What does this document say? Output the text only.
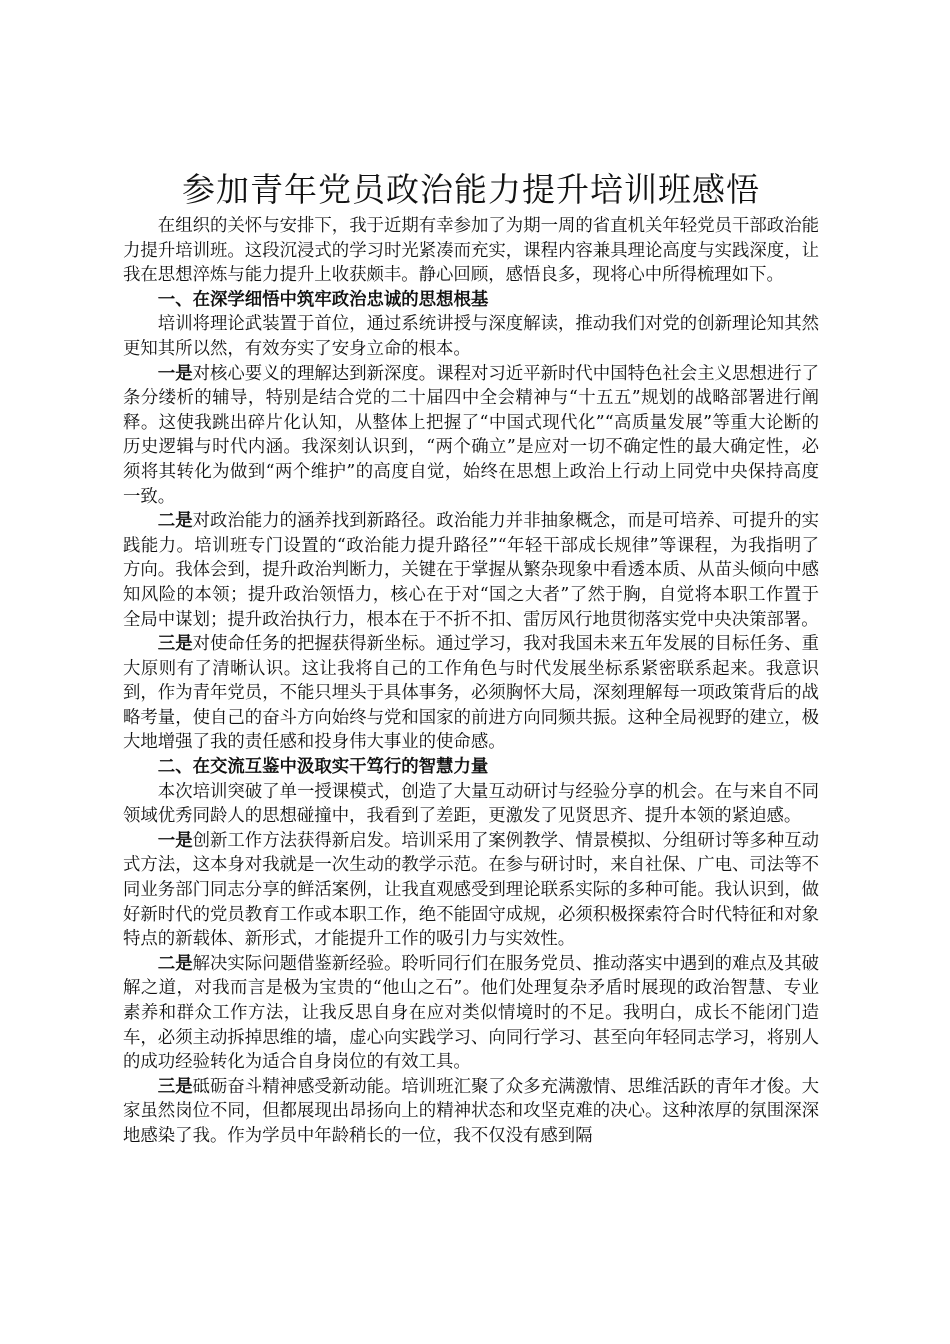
参加青年党员政治能力提升培训班感悟

在组织的关怀与安排下，我于近期有幸参加了为期一周的省直机关年轻党员干部政治能力提升培训班。这段沉浸式的学习时光紧凑而充实，课程内容兼具理论高度与实践深度，让我在思想淬炼与能力提升上收获颇丰。静心回顾，感悟良多，现将心中所得梳理如下。

一、在深学细悟中筑牢政治忠诚的思想根基

培训将理论武装置于首位，通过系统讲授与深度解读，推动我们对党的创新理论知其然更知其所以然，有效夯实了安身立命的根本。

一是对核心要义的理解达到新深度。课程对习近平新时代中国特色社会主义思想进行了条分缕析的辅导，特别是结合党的二十届四中全会精神与“十五五”规划的战略部署进行阐释。这使我跳出碎片化认知，从整体上把握了“中国式现代化”“高质量发展”等重大论断的历史逻辑与时代内涵。我深刻认识到，“两个确立”是应对一切不确定性的最大确定性，必须将其转化为做到“两个维护”的高度自觉，始终在思想上政治上行动上同党中央保持高度一致。

二是对政治能力的涵养找到新路径。政治能力并非抽象概念，而是可培养、可提升的实践能力。培训班专门设置的“政治能力提升路径”“年轻干部成长规律”等课程，为我指明了方向。我体会到，提升政治判断力，关键在于掌握从繁杂现象中看透本质、从苗头倾向中感知风险的本领；提升政治领悟力，核心在于对“国之大者”了然于胸，自觉将本职工作置于全局中谋划；提升政治执行力，根本在于不折不扣、雷厉风行地贯彻落实党中央决策部署。

三是对使命任务的把握获得新坐标。通过学习，我对我国未来五年发展的目标任务、重大原则有了清晰认识。这让我将自己的工作角色与时代发展坐标系紧密联系起来。我意识到，作为青年党员，不能只埋头于具体事务，必须胸怀大局，深刻理解每一项政策背后的战略考量，使自己的奋斗方向始终与党和国家的前进方向同频共振。这种全局视野的建立，极大地增强了我的责任感和投身伟大事业的使命感。

二、在交流互鉴中汲取实干笃行的智慧力量

本次培训突破了单一授课模式，创造了大量互动研讨与经验分享的机会。在与来自不同领域优秀同龄人的思想碰撞中，我看到了差距，更激发了见贤思齐、提升本领的紧迫感。

一是创新工作方法获得新启发。培训采用了案例教学、情景模拟、分组研讨等多种互动式方法，这本身对我就是一次生动的教学示范。在参与研讨时，来自社保、广电、司法等不同业务部门同志分享的鲜活案例，让我直观感受到理论联系实际的多种可能。我认识到，做好新时代的党员教育工作或本职工作，绝不能固守成规，必须积极探索符合时代特征和对象特点的新载体、新形式，才能提升工作的吸引力与实效性。

二是解决实际问题借鉴新经验。聆听同行们在服务党员、推动落实中遇到的难点及其破解之道，对我而言是极为宝贵的“他山之石”。他们处理复杂矛盾时展现的政治智慧、专业素养和群众工作方法，让我反思自身在应对类似情境时的不足。我明白，成长不能闭门造车，必须主动拆掉思维的墙，虚心向实践学习、向同行学习、甚至向年轻同志学习，将别人的成功经验转化为适合自身岗位的有效工具。

三是砥砺奋斗精神感受新动能。培训班汇聚了众多充满激情、思维活跃的青年才俊。大家虽然岗位不同，但都展现出昂扬向上的精神状态和攻坚克难的决心。这种浓厚的氛围深深地感染了我。作为学员中年龄稍长的一位，我不仅没有感到隔
